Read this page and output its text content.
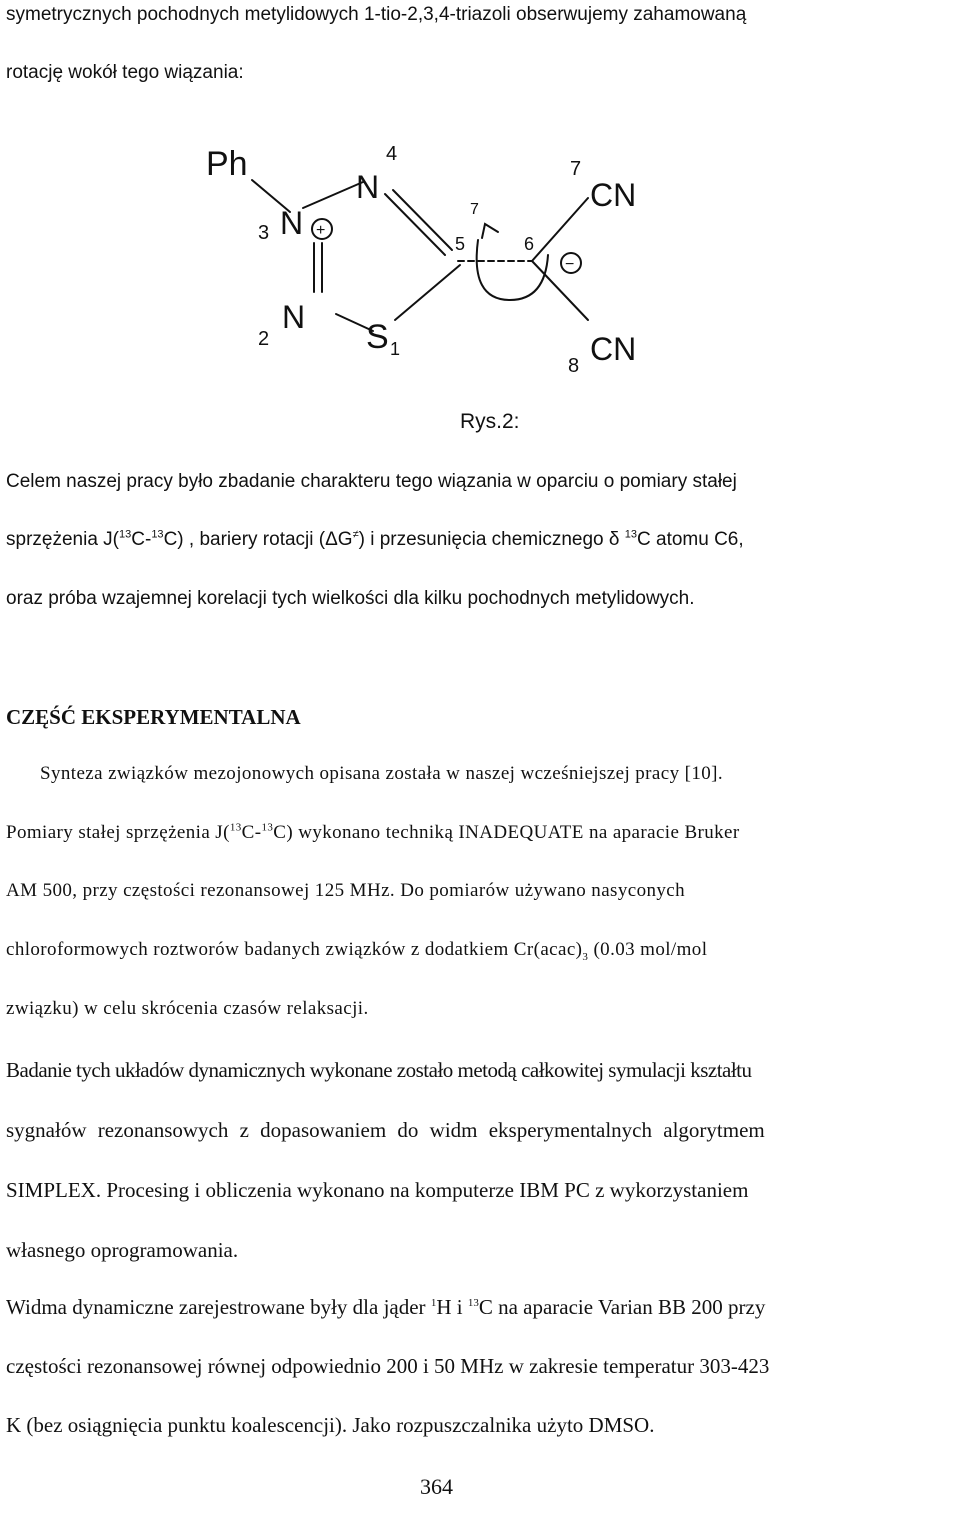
symetrycznych pochodnych metylidowych 1-tio-2,3,4-triazoli obserwujemy zahamowaną
rotację wokół tego wiązania:
Ph
3 N +
N
4
2
N
S 1
5
7
6
−
7
CN
8 CN
Rys.2:
Celem naszej pracy było zbadanie charakteru tego wiązania w oparciu o pomiary stałej
sprzężenia J($^{13}$C-$^{13}$C) , bariery rotacji (ΔG≠) i przesunięcia chemicznego δ $^{13}$C atomu C6,
oraz próba wzajemnej korelacji tych wielkości dla kilku pochodnych metylidowych.
CZĘŚĆ EKSPERYMENTALNA
Synteza związków mezojonowych opisana została w naszej wcześniejszej pracy [10].
Pomiary stałej sprzężenia J($^{13}$C-$^{13}$C) wykonano techniką INADEQUATE na aparacie Bruker
AM 500, przy częstości rezonansowej 125 MHz. Do pomiarów używano nasyconych
chloroformowych roztworów badanych związków z dodatkiem $Cr(acac)_3$ (0.03 mol/mol
związku) w celu skrócenia czasów relaksacji.
Badanie tych układów dynamicznych wykonane zostało metodą całkowitej symulacji kształtu
sygnałów rezonansowych z dopasowaniem do widm eksperymentalnych algorytmem
SIMPLEX. Procesing i obliczenia wykonano na komputerze IBM PC z wykorzystaniem
własnego oprogramowania.
Widma dynamiczne zarejestrowane były dla jąder $^1$H i $^{13}$C na aparacie Varian BB 200 przy
częstości rezonansowej równej odpowiednio 200 i 50 MHz w zakresie temperatur 303-423
K (bez osiągnięcia punktu koalescencji). Jako rozpuszczalnika użyto DMSO.
364
